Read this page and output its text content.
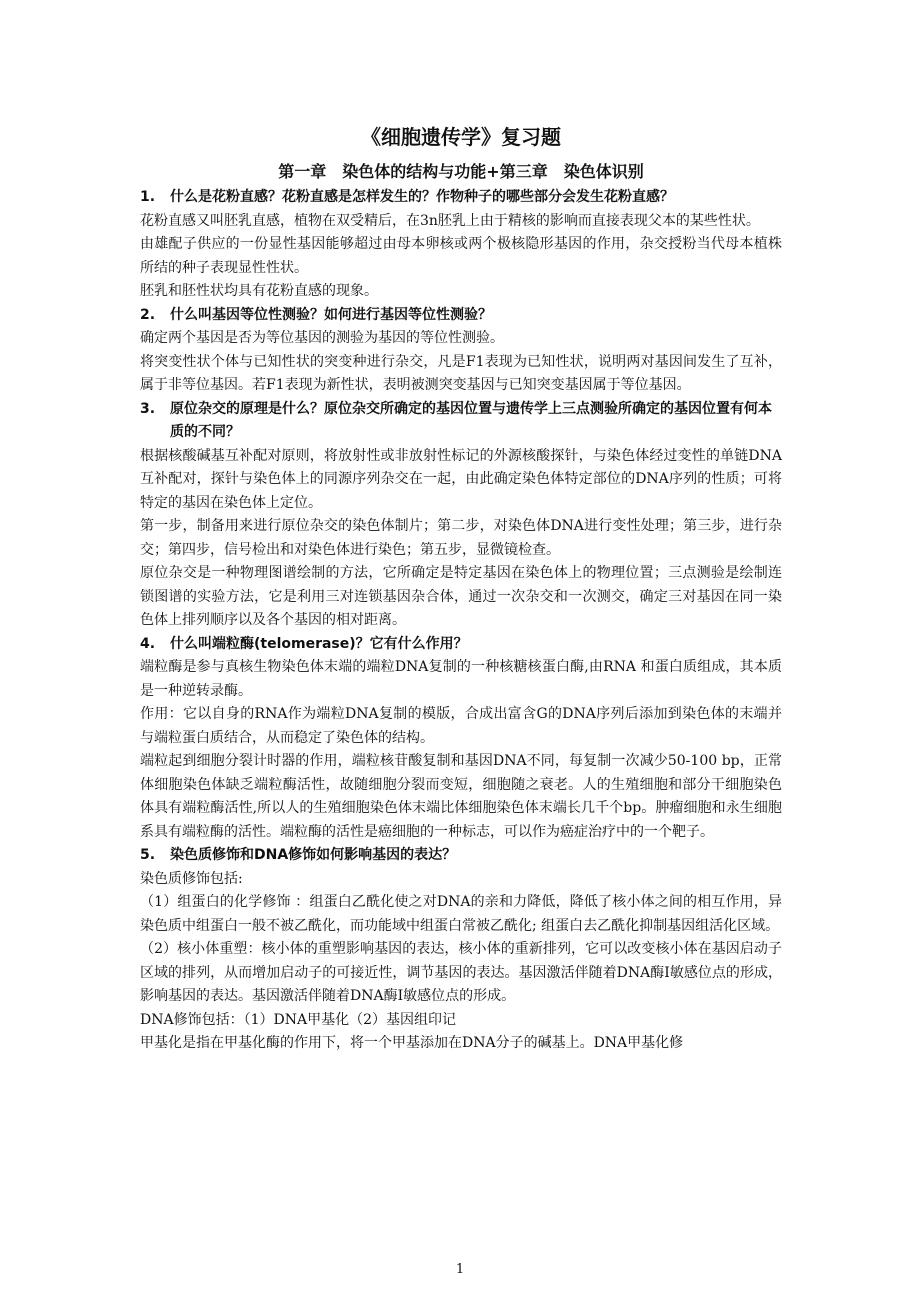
《细胞遗传学》复习题
第一章　染色体的结构与功能+第三章　染色体识别
1.	什么是花粉直感？花粉直感是怎样发生的？作物种子的哪些部分会发生花粉直感？

花粉直感又叫胚乳直感，植物在双受精后，在3n胚乳上由于精核的影响而直接表现父本的某些性状。

由雄配子供应的一份显性基因能够超过由母本卵核或两个极核隐形基因的作用，杂交授粉当代母本植株所结的种子表现显性性状。

胚乳和胚性状均具有花粉直感的现象。

2.	什么叫基因等位性测验？如何进行基因等位性测验？

确定两个基因是否为等位基因的测验为基因的等位性测验。

将突变性状个体与已知性状的突变种进行杂交，凡是F1表现为已知性状，说明两对基因间发生了互补，属于非等位基因。若F1表现为新性状，表明被测突变基因与已知突变基因属于等位基因。

3.	原位杂交的原理是什么？原位杂交所确定的基因位置与遗传学上三点测验所确定的基因位置有何本质的不同？

根据核酸碱基互补配对原则，将放射性或非放射性标记的外源核酸探针，与染色体经过变性的单链DNA互补配对，探针与染色体上的同源序列杂交在一起，由此确定染色体特定部位的DNA序列的性质；可将特定的基因在染色体上定位。

第一步，制备用来进行原位杂交的染色体制片；第二步，对染色体DNA进行变性处理；第三步，进行杂交；第四步，信号检出和对染色体进行染色；第五步，显微镜检查。

原位杂交是一种物理图谱绘制的方法，它所确定是特定基因在染色体上的物理位置；三点测验是绘制连锁图谱的实验方法，它是利用三对连锁基因杂合体，通过一次杂交和一次测交，确定三对基因在同一染色体上排列顺序以及各个基因的相对距离。

4.	什么叫端粒酶(telomerase)？它有什么作用？

端粒酶是参与真核生物染色体末端的端粒DNA复制的一种核糖核蛋白酶,由RNA 和蛋白质组成，其本质是一种逆转录酶。

作用：它以自身的RNA作为端粒DNA复制的模版，合成出富含G的DNA序列后添加到染色体的末端并与端粒蛋白质结合，从而稳定了染色体的结构。

端粒起到细胞分裂计时器的作用，端粒核苷酸复制和基因DNA不同，每复制一次减少50-100 bp，正常体细胞染色体缺乏端粒酶活性，故随细胞分裂而变短，细胞随之衰老。人的生殖细胞和部分干细胞染色体具有端粒酶活性,所以人的生殖细胞染色体末端比体细胞染色体末端长几千个bp。肿瘤细胞和永生细胞系具有端粒酶的活性。端粒酶的活性是癌细胞的一种标志，可以作为癌症治疗中的一个靶子。

5.	染色质修饰和DNA修饰如何影响基因的表达？

染色质修饰包括:

（1）组蛋白的化学修饰 ：组蛋白乙酰化使之对DNA的亲和力降低，降低了核小体之间的相互作用，异染色质中组蛋白一般不被乙酰化，而功能域中组蛋白常被乙酰化; 组蛋白去乙酰化抑制基因组活化区域。

（2）核小体重塑：核小体的重塑影响基因的表达，核小体的重新排列，它可以改变核小体在基因启动子区域的排列，从而增加启动子的可接近性，调节基因的表达。基因激活伴随着DNA酶I敏感位点的形成，影响基因的表达。基因激活伴随着DNA酶I敏感位点的形成。

DNA修饰包括：（1）DNA甲基化（2）基因组印记

甲基化是指在甲基化酶的作用下，将一个甲基添加在DNA分子的碱基上。DNA甲基化修

1
